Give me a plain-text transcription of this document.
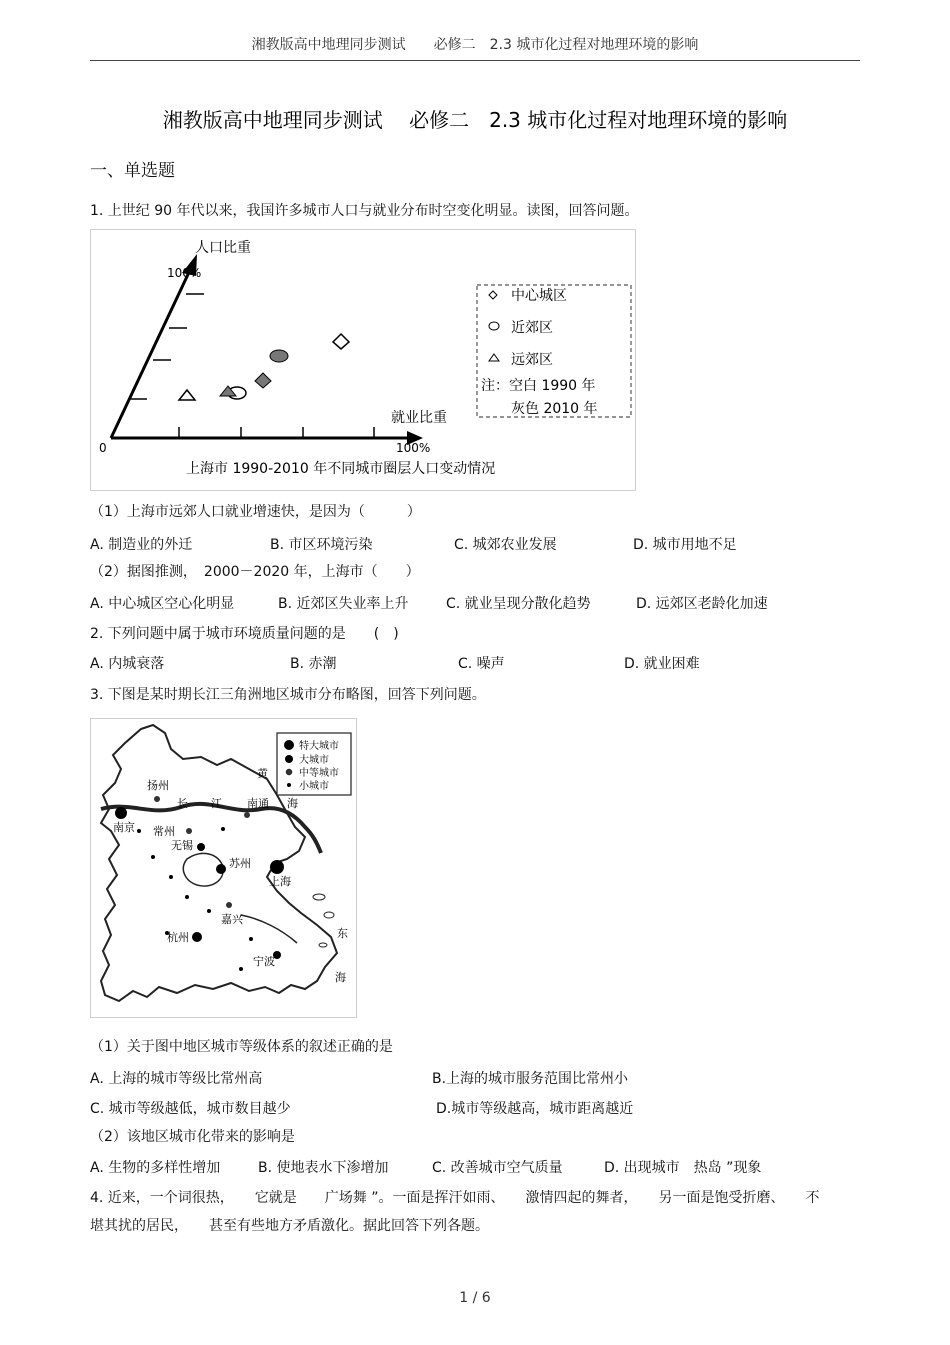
湘教版高中地理同步测试　　必修二　2.3 城市化过程对地理环境的影响
湘教版高中地理同步测试　 必修二　2.3 城市化过程对地理环境的影响
一、单选题
1. 上世纪 90 年代以来，我国许多城市人口与就业分布时空变化明显。读图，回答问题。
人口比重
100%
就业比重
100%
0
中心城区
近郊区
远郊区
注：空白 1990 年
灰色 2010 年
上海市 1990-2010 年不同城市圈层人口变动情况
（1）上海市远郊人口就业增速快，是因为（　　　）
A. 制造业的外迁	B. 市区环境污染	C. 城郊农业发展	D. 城市用地不足
（2）据图推测，　2000－2020 年，上海市（　　）
A. 中心城区空心化明显	B. 近郊区失业率上升	C. 就业呈现分散化趋势	D. 远郊区老龄化加速
2. 下列问题中属于城市环境质量问题的是　　(　)
A. 内城衰落	B. 赤潮	C. 噪声	D. 就业困难
3. 下图是某时期长江三角洲地区城市分布略图，回答下列问题。
特大城市
大城市
中等城市
小城市
扬州
长 江 南通
黄
海
南京 常州
无锡
苏州
上海
嘉兴
杭州
宁波
东
海
（1）关于图中地区城市等级体系的叙述正确的是
A. 上海的城市等级比常州高	B.上海的城市服务范围比常州小
C. 城市等级越低，城市数目越少	D.城市等级越高，城市距离越近
（2）该地区城市化带来的影响是
A. 生物的多样性增加	B. 使地表水下渗增加	C. 改善城市空气质量	D. 出现城市　热岛 ”现象
4. 近来，一个词很热，　　它就是　　广场舞 ”。一面是挥汗如雨、　　激情四起的舞者，　　另一面是饱受折磨、　　不
堪其扰的居民，　　甚至有些地方矛盾激化。据此回答下列各题。
1 / 6
